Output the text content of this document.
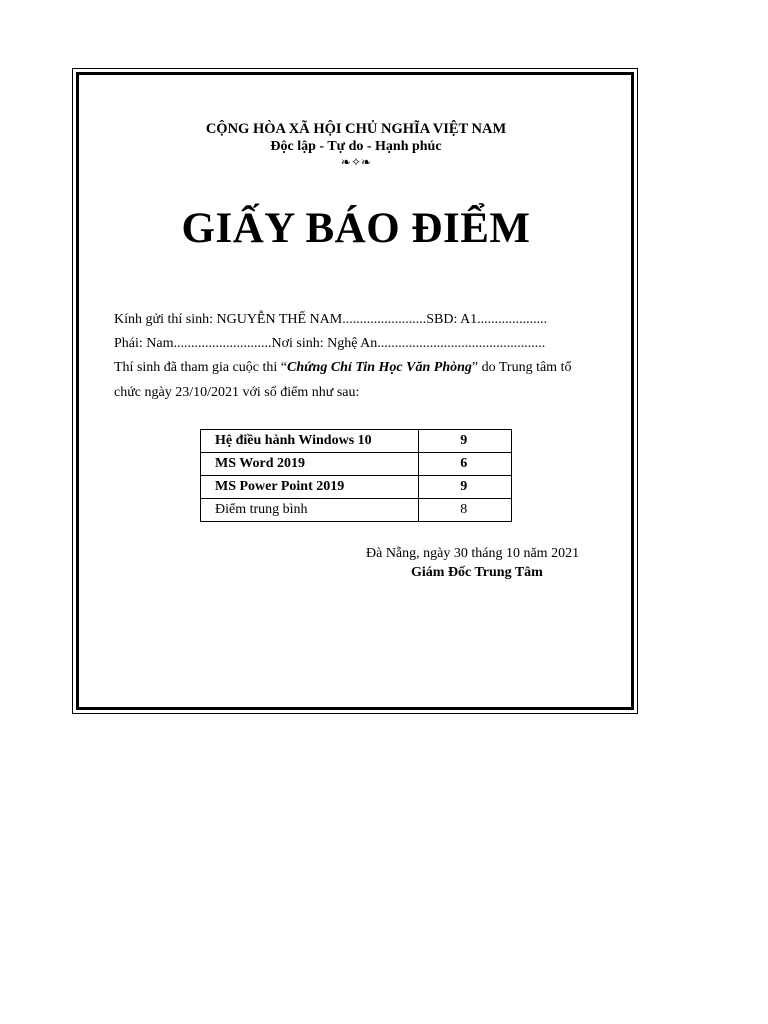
CỘNG HÒA XÃ HỘI CHỦ NGHĨA VIỆT NAM
Độc lập - Tự do - Hạnh phúc
❧✧❧
GIẤY BÁO ĐIỂM
Kính gửi thí sinh: NGUYỄN THẾ NAM........................SBD: A1....................
Phái: Nam............................Nơi sinh: Nghệ An................................................
Thí sinh đã tham gia cuộc thi “Chứng Chỉ Tin Học Văn Phòng” do Trung tâm tổ
chức ngày 23/10/2021 với số điểm như sau:
Hệ điều hành Windows 10	9
MS Word 2019	6
MS Power Point 2019	9
Điểm trung bình	8
Đà Nẵng, ngày 30 tháng 10 năm 2021
Giám Đốc Trung Tâm
